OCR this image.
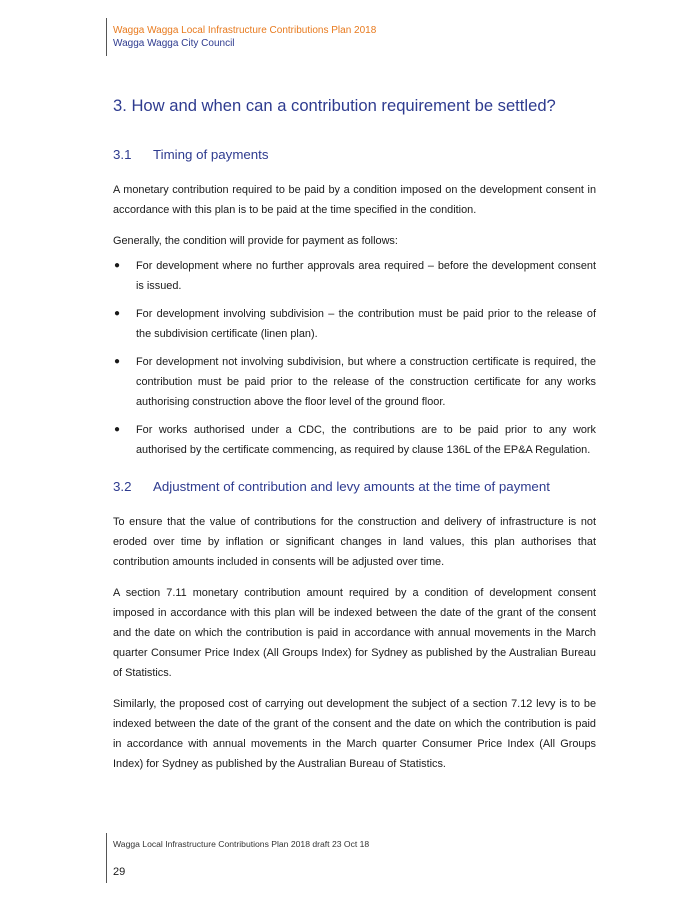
Wagga Wagga Local Infrastructure Contributions Plan 2018
Wagga Wagga City Council
3. How and when can a contribution requirement be settled?
3.1	Timing of payments

A monetary contribution required to be paid by a condition imposed on the development consent in accordance with this plan is to be paid at the time specified in the condition.

Generally, the condition will provide for payment as follows:

● For development where no further approvals area required – before the development consent is issued.
● For development involving subdivision – the contribution must be paid prior to the release of the subdivision certificate (linen plan).
● For development not involving subdivision, but where a construction certificate is required, the contribution must be paid prior to the release of the construction certificate for any works authorising construction above the floor level of the ground floor.
● For works authorised under a CDC, the contributions are to be paid prior to any work authorised by the certificate commencing, as required by clause 136L of the EP&A Regulation.
3.2	Adjustment of contribution and levy amounts at the time of payment

To ensure that the value of contributions for the construction and delivery of infrastructure is not eroded over time by inflation or significant changes in land values, this plan authorises that contribution amounts included in consents will be adjusted over time.

A section 7.11 monetary contribution amount required by a condition of development consent imposed in accordance with this plan will be indexed between the date of the grant of the consent and the date on which the contribution is paid in accordance with annual movements in the March quarter Consumer Price Index (All Groups Index) for Sydney as published by the Australian Bureau of Statistics.

Similarly, the proposed cost of carrying out development the subject of a section 7.12 levy is to be indexed between the date of the grant of the consent and the date on which the contribution is paid in accordance with annual movements in the March quarter Consumer Price Index (All Groups Index) for Sydney as published by the Australian Bureau of Statistics.

Wagga Local Infrastructure Contributions Plan 2018 draft 23 Oct 18
29
